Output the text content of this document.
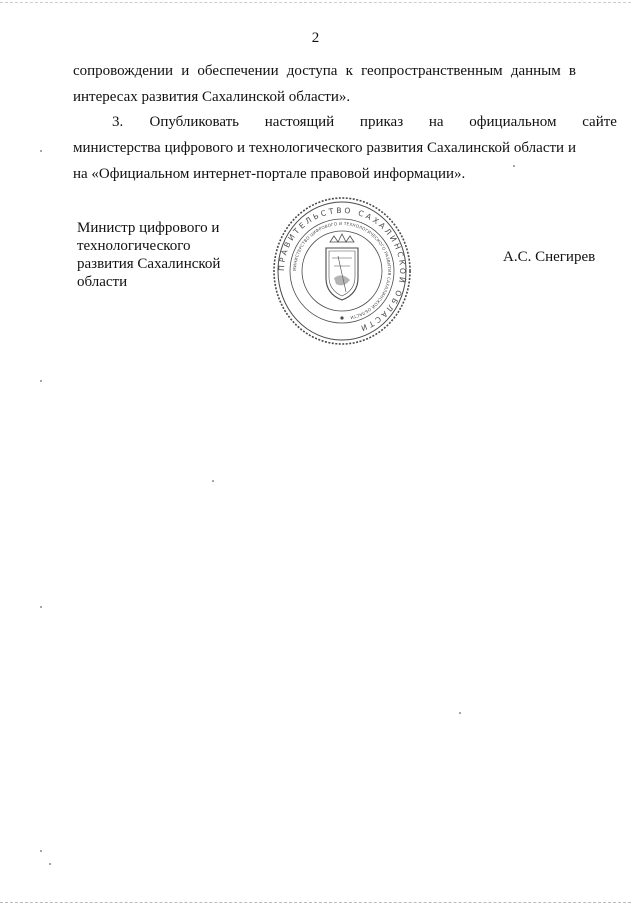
2

сопровождении и обеспечении доступа к геопространственным данным в
интересах развития Сахалинской области».

3. Опубликовать настоящий приказ на официальном сайте
министерства цифрового и технологического развития Сахалинской области и
на «Официальном интернет-портале правовой информации».

Министр цифрового и
технологического
развития Сахалинской
области
ПРАВИТЕЛЬСТВО САХАЛИНСКОЙ ОБЛАСТИ
МИНИСТЕРСТВО ЦИФРОВОГО И ТЕХНОЛОГИЧЕСКОГО РАЗВИТИЯ САХАЛИНСКОЙ ОБЛАСТИ
А.С. Снегирев
